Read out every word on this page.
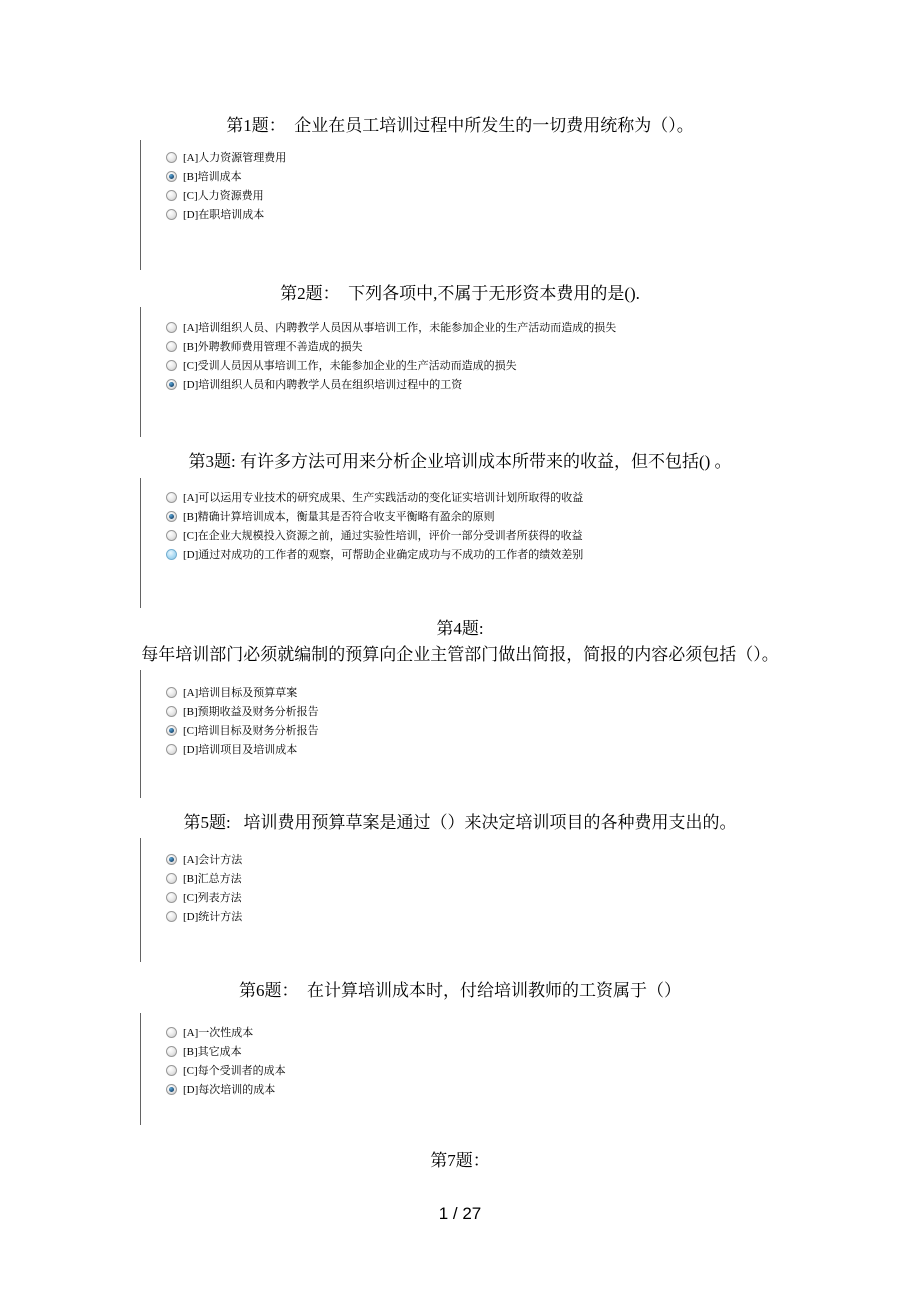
第7题：
1 / 27
第1题：  企业在员工培训过程中所发生的一切费用统称为（）。
[A]人力资源管理费用
[B]培训成本
[C]人力资源费用
[D]在职培训成本
第2题：  下列各项中,不属于无形资本费用的是().
[A]培训组织人员、内聘教学人员因从事培训工作，未能参加企业的生产活动而造成的损失
[B]外聘教师费用管理不善造成的损失
[C]受训人员因从事培训工作，未能参加企业的生产活动而造成的损失
[D]培训组织人员和内聘教学人员在组织培训过程中的工资
第3题: 有许多方法可用来分析企业培训成本所带来的收益，但不包括() 。
[A]可以运用专业技术的研究成果、生产实践活动的变化证实培训计划所取得的收益
[B]精确计算培训成本，衡量其是否符合收支平衡略有盈余的原则
[C]在企业大规模投入资源之前，通过实验性培训，评价一部分受训者所获得的收益
[D]通过对成功的工作者的观察，可帮助企业确定成功与不成功的工作者的绩效差别
第4题:
每年培训部门必须就编制的预算向企业主管部门做出简报，简报的内容必须包括（）。
[A]培训目标及预算草案
[B]预期收益及财务分析报告
[C]培训目标及财务分析报告
[D]培训项目及培训成本
第5题:   培训费用预算草案是通过（）来决定培训项目的各种费用支出的。
[A]会计方法
[B]汇总方法
[C]列表方法
[D]统计方法
第6题：  在计算培训成本时，付给培训教师的工资属于（）
[A]一次性成本
[B]其它成本
[C]每个受训者的成本
[D]每次培训的成本
